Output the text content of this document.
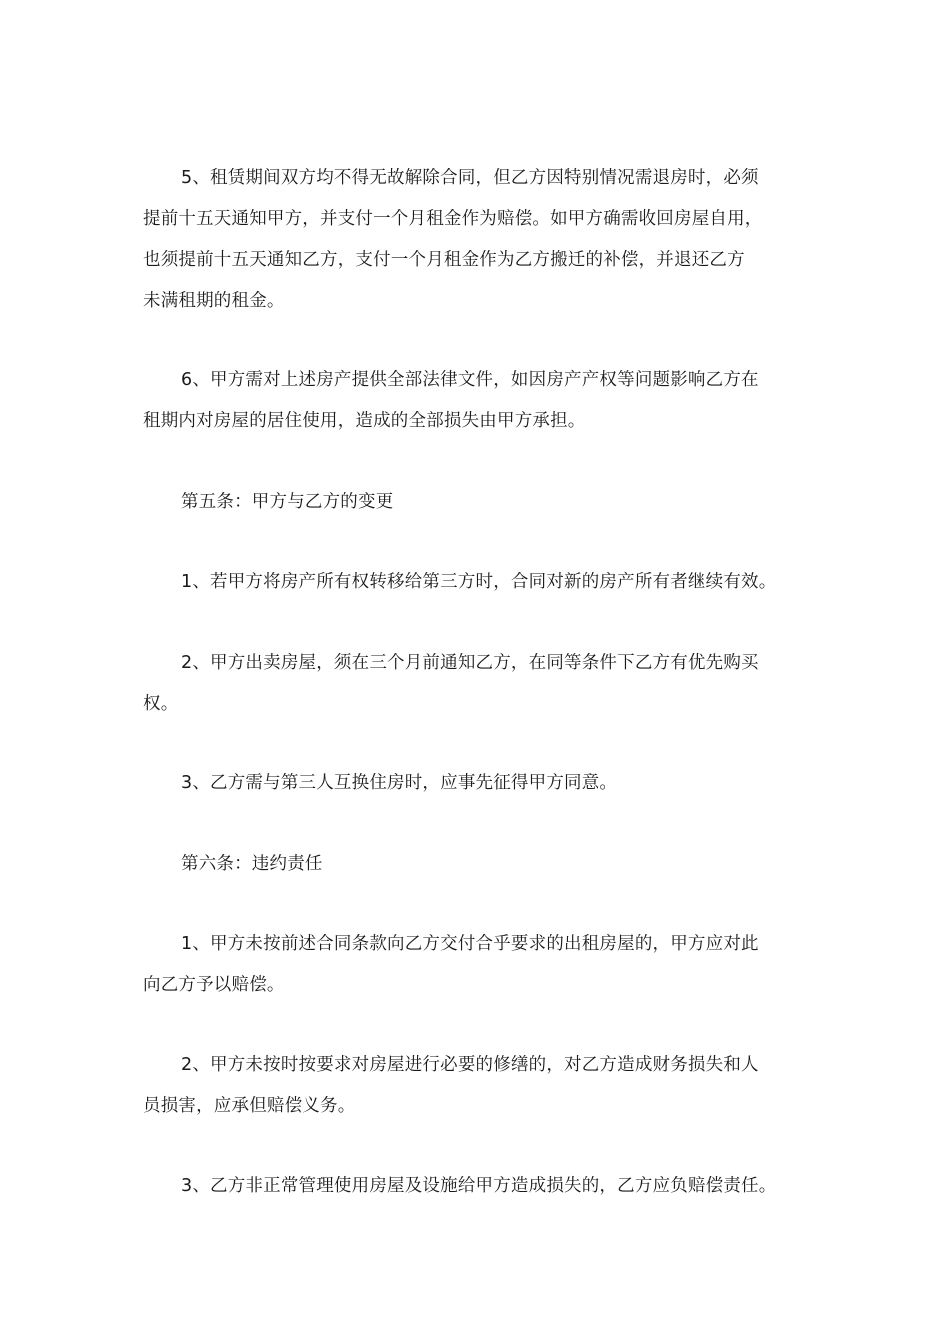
5、租赁期间双方均不得无故解除合同，但乙方因特别情况需退房时，必须
提前十五天通知甲方，并支付一个月租金作为赔偿。如甲方确需收回房屋自用，
也须提前十五天通知乙方，支付一个月租金作为乙方搬迁的补偿，并退还乙方
未满租期的租金。
6、甲方需对上述房产提供全部法律文件，如因房产产权等问题影响乙方在
租期内对房屋的居住使用，造成的全部损失由甲方承担。
第五条：甲方与乙方的变更
1、若甲方将房产所有权转移给第三方时，合同对新的房产所有者继续有效。
2、甲方出卖房屋，须在三个月前通知乙方，在同等条件下乙方有优先购买
权。
3、乙方需与第三人互换住房时，应事先征得甲方同意。
第六条：违约责任
1、甲方未按前述合同条款向乙方交付合乎要求的出租房屋的，甲方应对此
向乙方予以赔偿。
2、甲方未按时按要求对房屋进行必要的修缮的，对乙方造成财务损失和人
员损害，应承但赔偿义务。
3、乙方非正常管理使用房屋及设施给甲方造成损失的，乙方应负赔偿责任。
